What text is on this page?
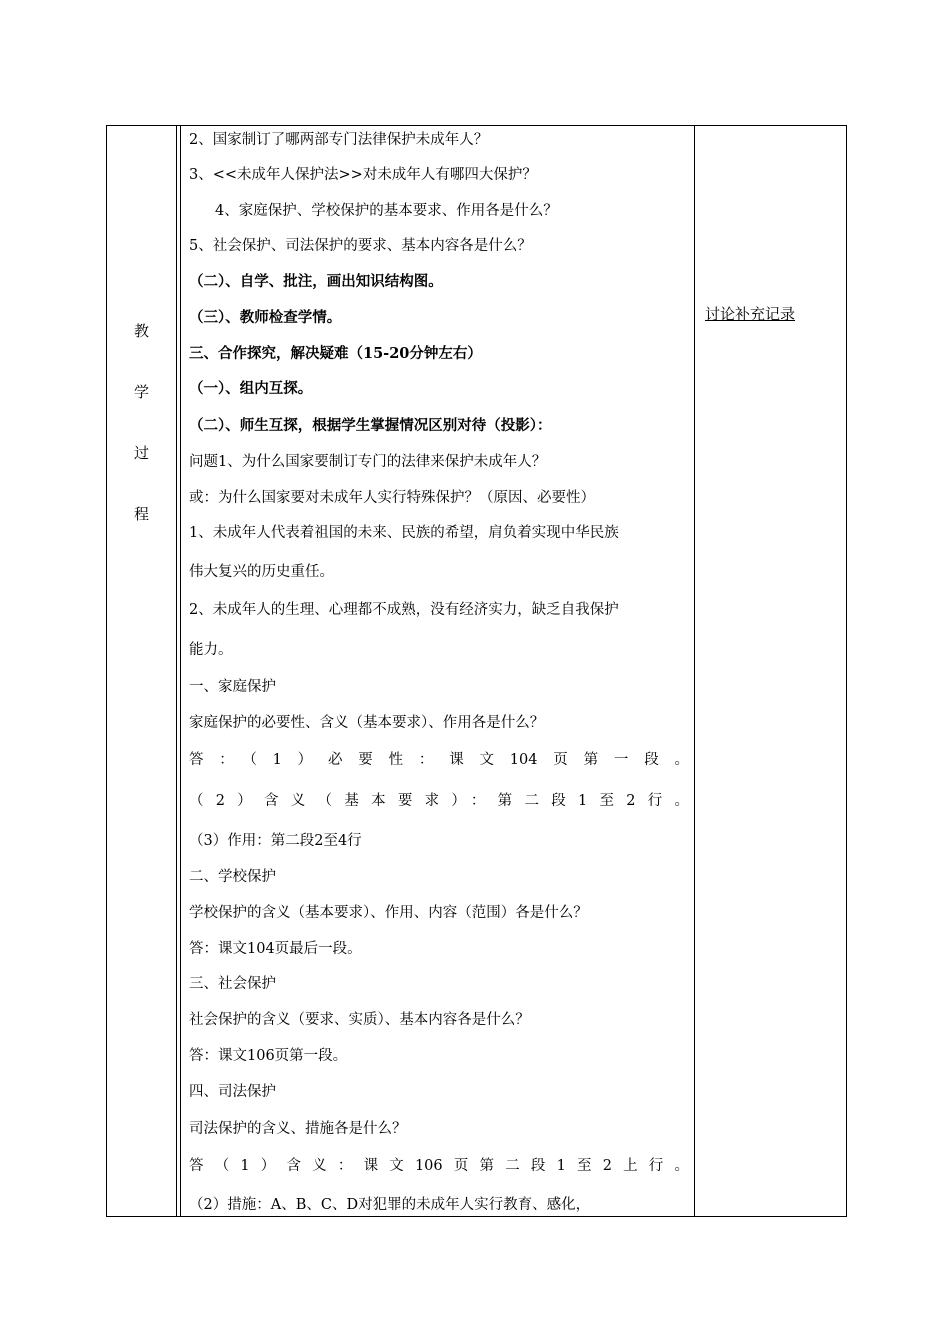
教
学
过
程
2、国家制订了哪两部专门法律保护未成年人？
3、<<未成年人保护法>>对未成年人有哪四大保护？
4、家庭保护、学校保护的基本要求、作用各是什么？
5、社会保护、司法保护的要求、基本内容各是什么？
（二）、自学、批注，画出知识结构图。
（三）、教师检查学情。
三、合作探究，解决疑难（15-20分钟左右）
（一）、组内互探。
（二）、师生互探，根据学生掌握情况区别对待（投影）：
问题1、为什么国家要制订专门的法律来保护未成年人？
或：为什么国家要对未成年人实行特殊保护？（原因、必要性）
1、未成年人代表着祖国的未来、民族的希望，肩负着实现中华民族
伟大复兴的历史重任。
2、未成年人的生理、心理都不成熟，没有经济实力，缺乏自我保护
能力。
一、家庭保护
家庭保护的必要性、含义（基本要求）、作用各是什么？
答：（1）必要性：课文104页第一段。
（2）含义（基本要求）：第二段1至2行。
（3）作用：第二段2至4行
二、学校保护
学校保护的含义（基本要求）、作用、内容（范围）各是什么？
答：课文104页最后一段。
三、社会保护
社会保护的含义（要求、实质）、基本内容各是什么？
答：课文106页第一段。
四、司法保护
司法保护的含义、措施各是什么？
答（1）含义：课文106页第二段1至2上行。
（2）措施：A、B、C、D对犯罪的未成年人实行教育、感化，
讨论补充记录
